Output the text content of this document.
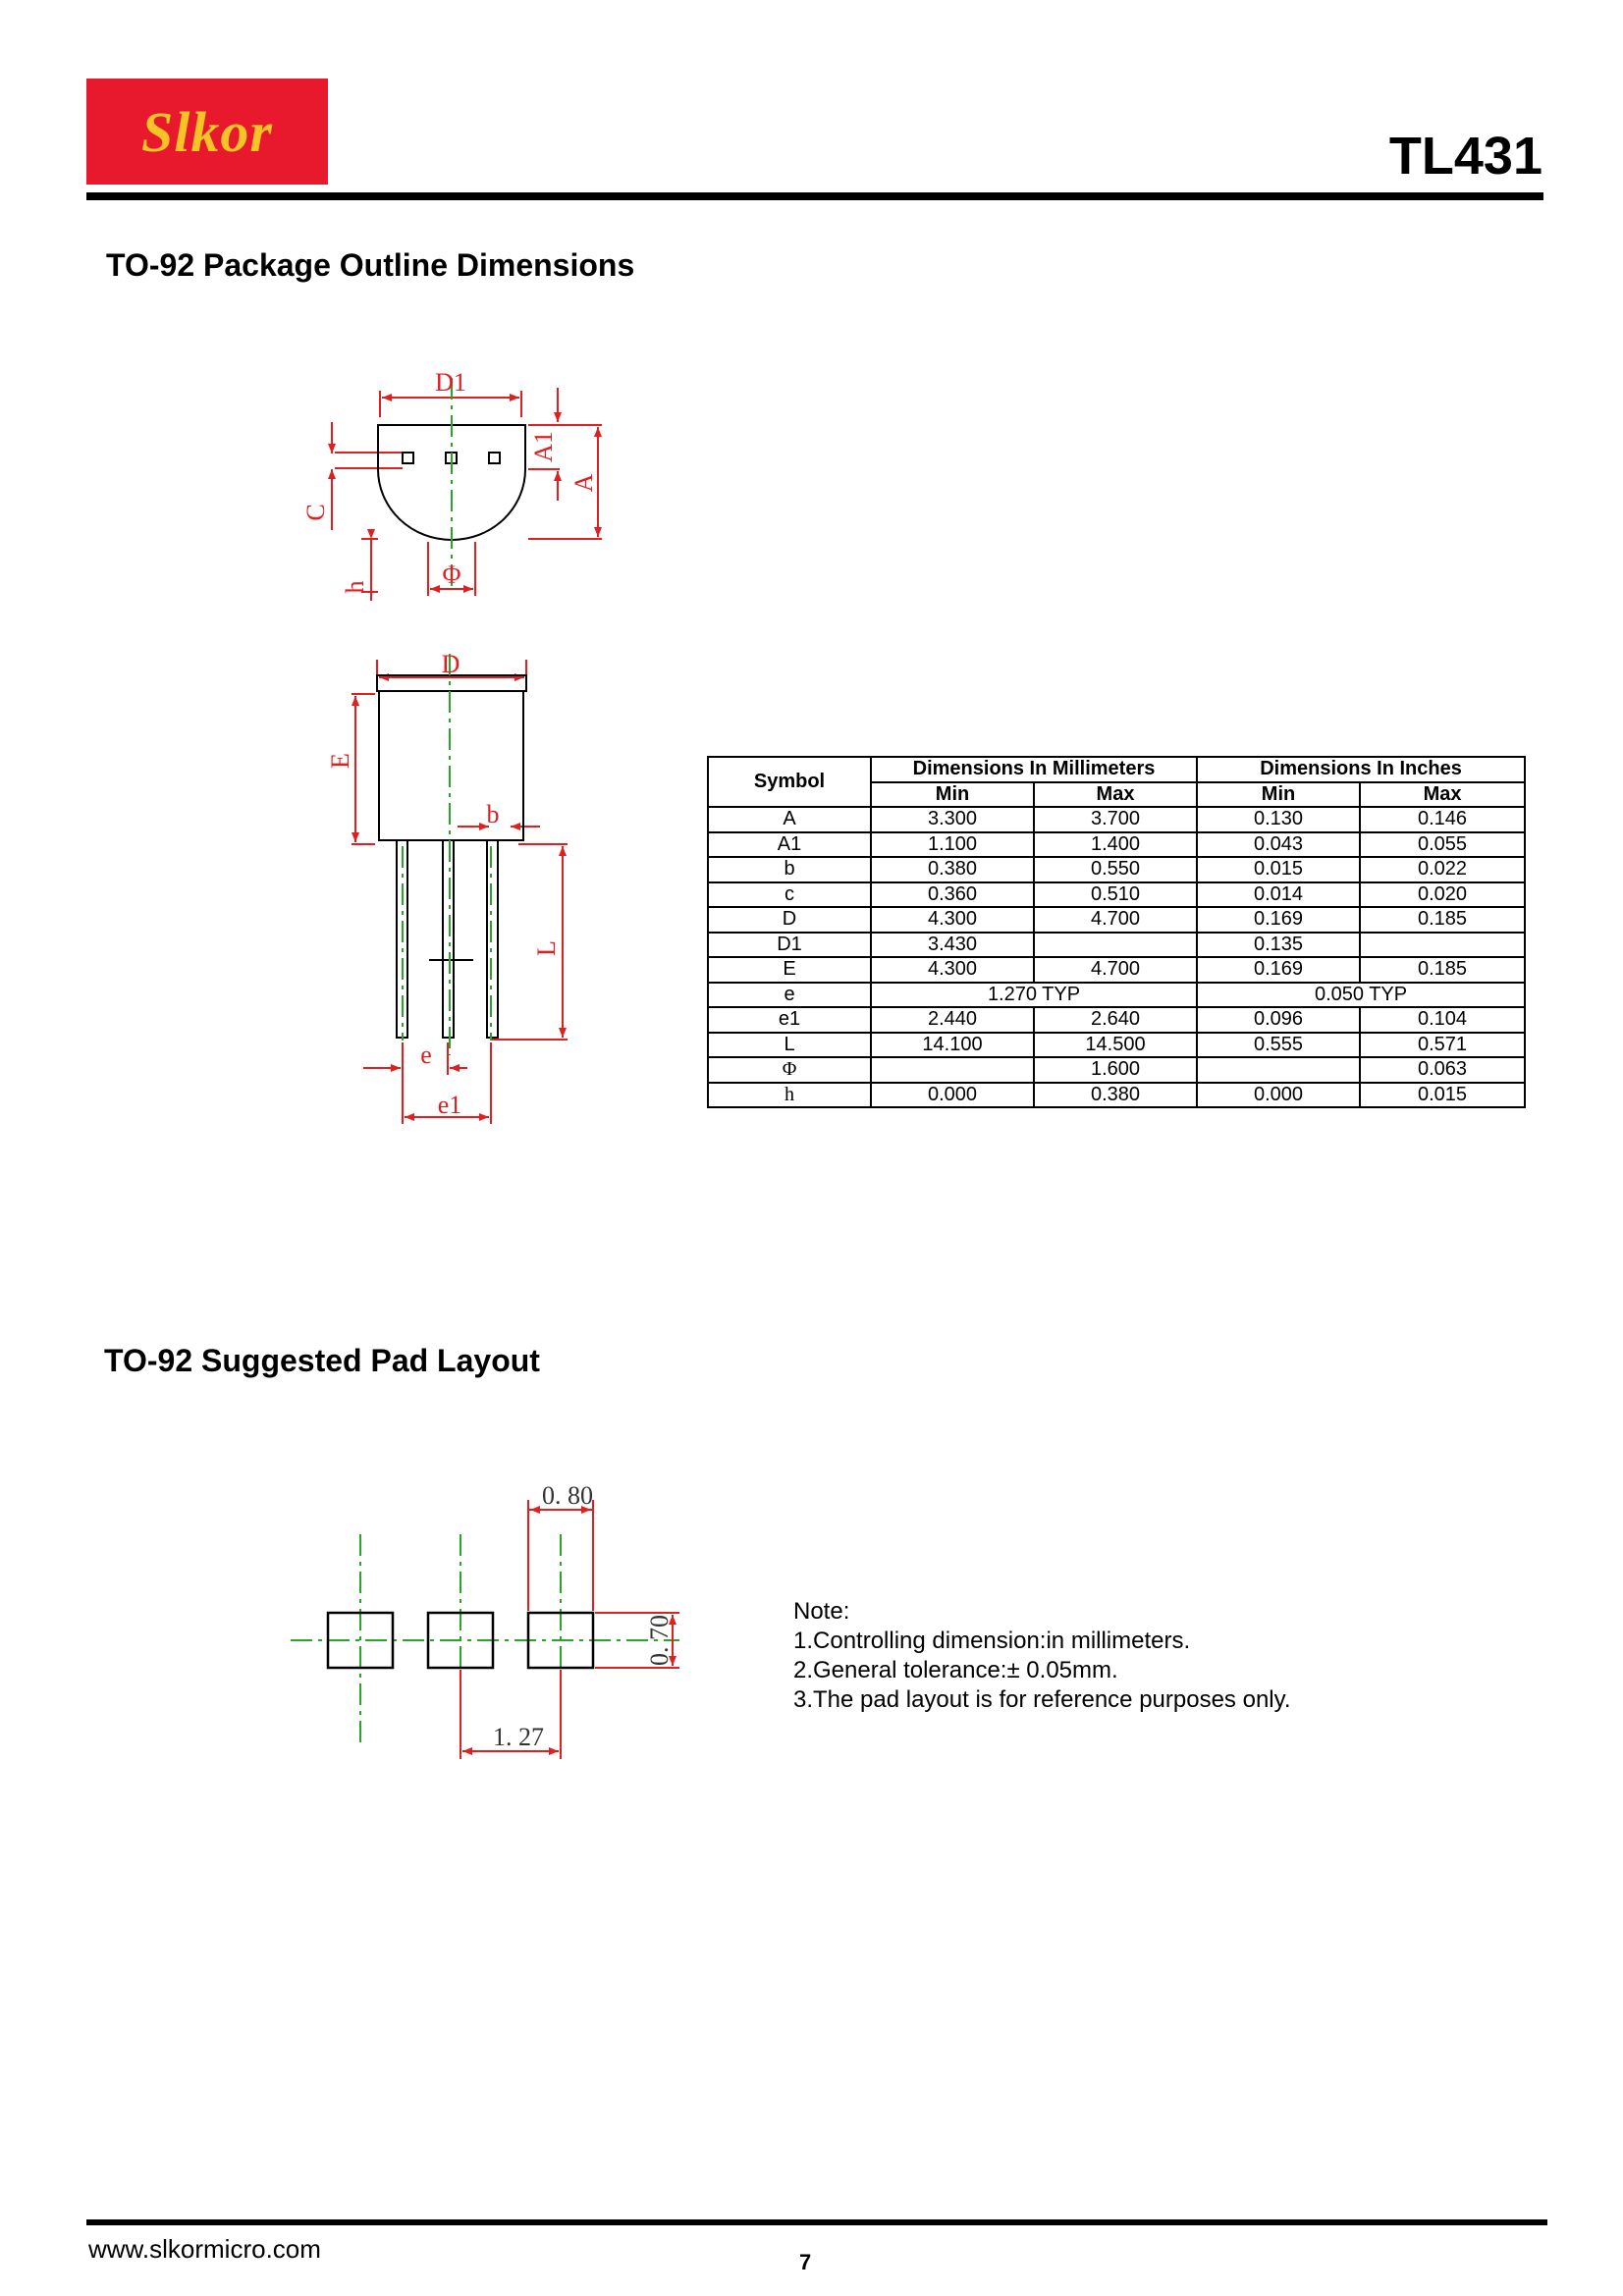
Slkor	TL431
TO-92 Package Outline Dimensions
D1
A1
A
C
h	Φ
D
E
b
L
e
e1
Symbol	Dimensions In Millimeters		Dimensions In Inches	
	Min	Max	Min	Max
A	3.300	3.700	0.130	0.146
A1	1.100	1.400	0.043	0.055
b	0.380	0.550	0.015	0.022
c	0.360	0.510	0.014	0.020
D	4.300	4.700	0.169	0.185
D1	3.430		0.135	
E	4.300	4.700	0.169	0.185
e	1.270 TYP		0.050 TYP	
e1	2.440	2.640	0.096	0.104
L	14.100	14.500	0.555	0.571
Φ		1.600		0.063
h	0.000	0.380	0.000	0.015
TO-92 Suggested Pad Layout
0. 80
0. 70
1. 27
Note:
1.Controlling dimension:in millimeters.
2.General tolerance:± 0.05mm.
3.The pad layout is for reference purposes only.
www.slkormicro.com	7
